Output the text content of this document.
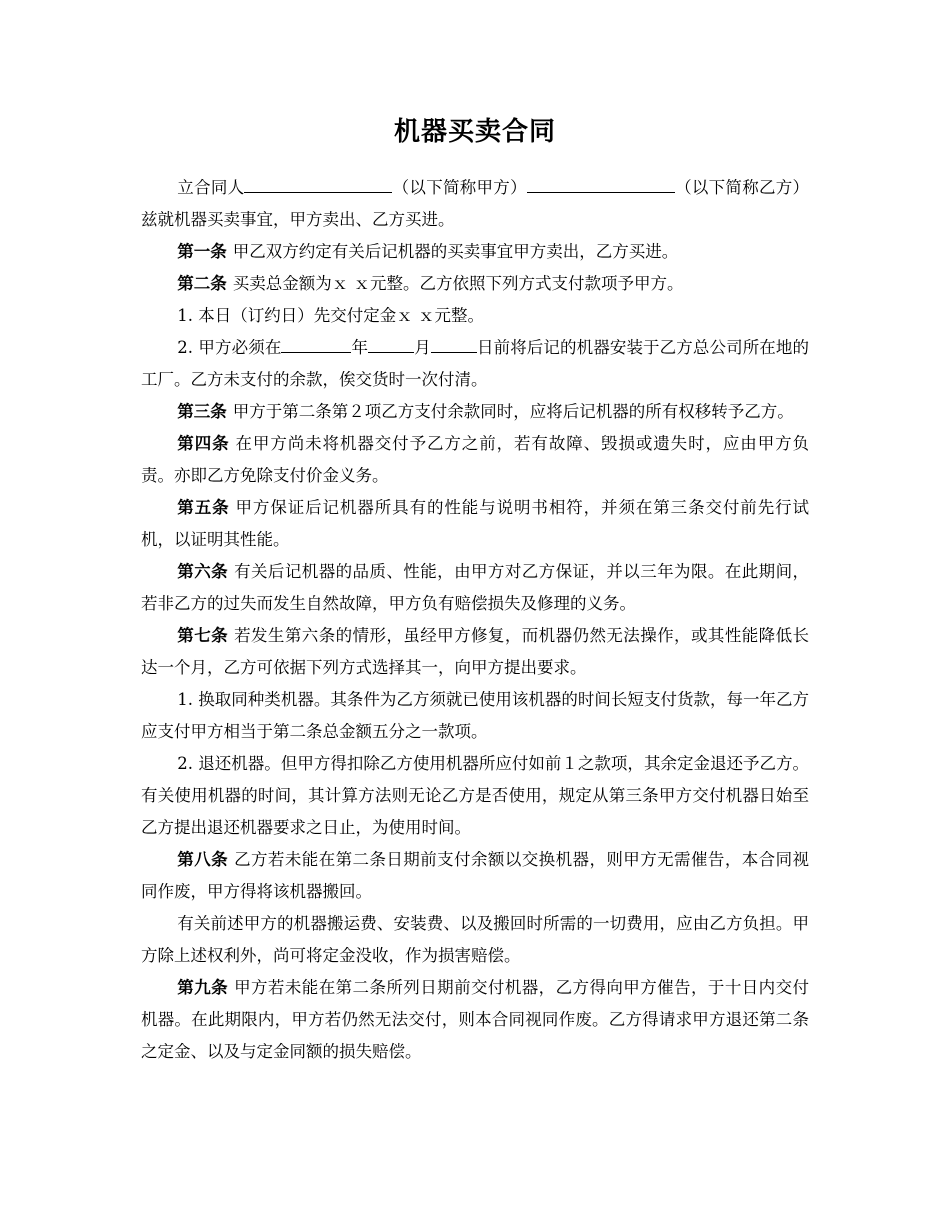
机器买卖合同

立合同人	（以下简称甲方）	（以下简称乙方）兹就机器买卖事宜，甲方卖出、乙方买进。

第一条 甲乙双方约定有关后记机器的买卖事宜甲方卖出，乙方买进。

第二条 买卖总金额为ｘ ｘ元整。乙方依照下列方式支付款项予甲方。

1. 本日（订约日）先交付定金ｘ ｘ元整。

2. 甲方必须在	年	月	日前将后记的机器安装于乙方总公司所在地的工厂。乙方未支付的余款，俟交货时一次付清。

第三条 甲方于第二条第２项乙方支付余款同时，应将后记机器的所有权移转予乙方。

第四条 在甲方尚未将机器交付予乙方之前，若有故障、毁损或遗失时，应由甲方负责。亦即乙方免除支付价金义务。

第五条 甲方保证后记机器所具有的性能与说明书相符，并须在第三条交付前先行试机，以证明其性能。

第六条 有关后记机器的品质、性能，由甲方对乙方保证，并以三年为限。在此期间，若非乙方的过失而发生自然故障，甲方负有赔偿损失及修理的义务。

第七条 若发生第六条的情形，虽经甲方修复，而机器仍然无法操作，或其性能降低长达一个月，乙方可依据下列方式选择其一，向甲方提出要求。

1. 换取同种类机器。其条件为乙方须就已使用该机器的时间长短支付货款，每一年乙方应支付甲方相当于第二条总金额五分之一款项。

2. 退还机器。但甲方得扣除乙方使用机器所应付如前１之款项，其余定金退还予乙方。有关使用机器的时间，其计算方法则无论乙方是否使用，规定从第三条甲方交付机器日始至乙方提出退还机器要求之日止，为使用时间。

第八条 乙方若未能在第二条日期前支付余额以交换机器，则甲方无需催告，本合同视同作废，甲方得将该机器搬回。

有关前述甲方的机器搬运费、安装费、以及搬回时所需的一切费用，应由乙方负担。甲方除上述权利外，尚可将定金没收，作为损害赔偿。

第九条 甲方若未能在第二条所列日期前交付机器，乙方得向甲方催告，于十日内交付机器。在此期限内，甲方若仍然无法交付，则本合同视同作废。乙方得请求甲方退还第二条之定金、以及与定金同额的损失赔偿。
